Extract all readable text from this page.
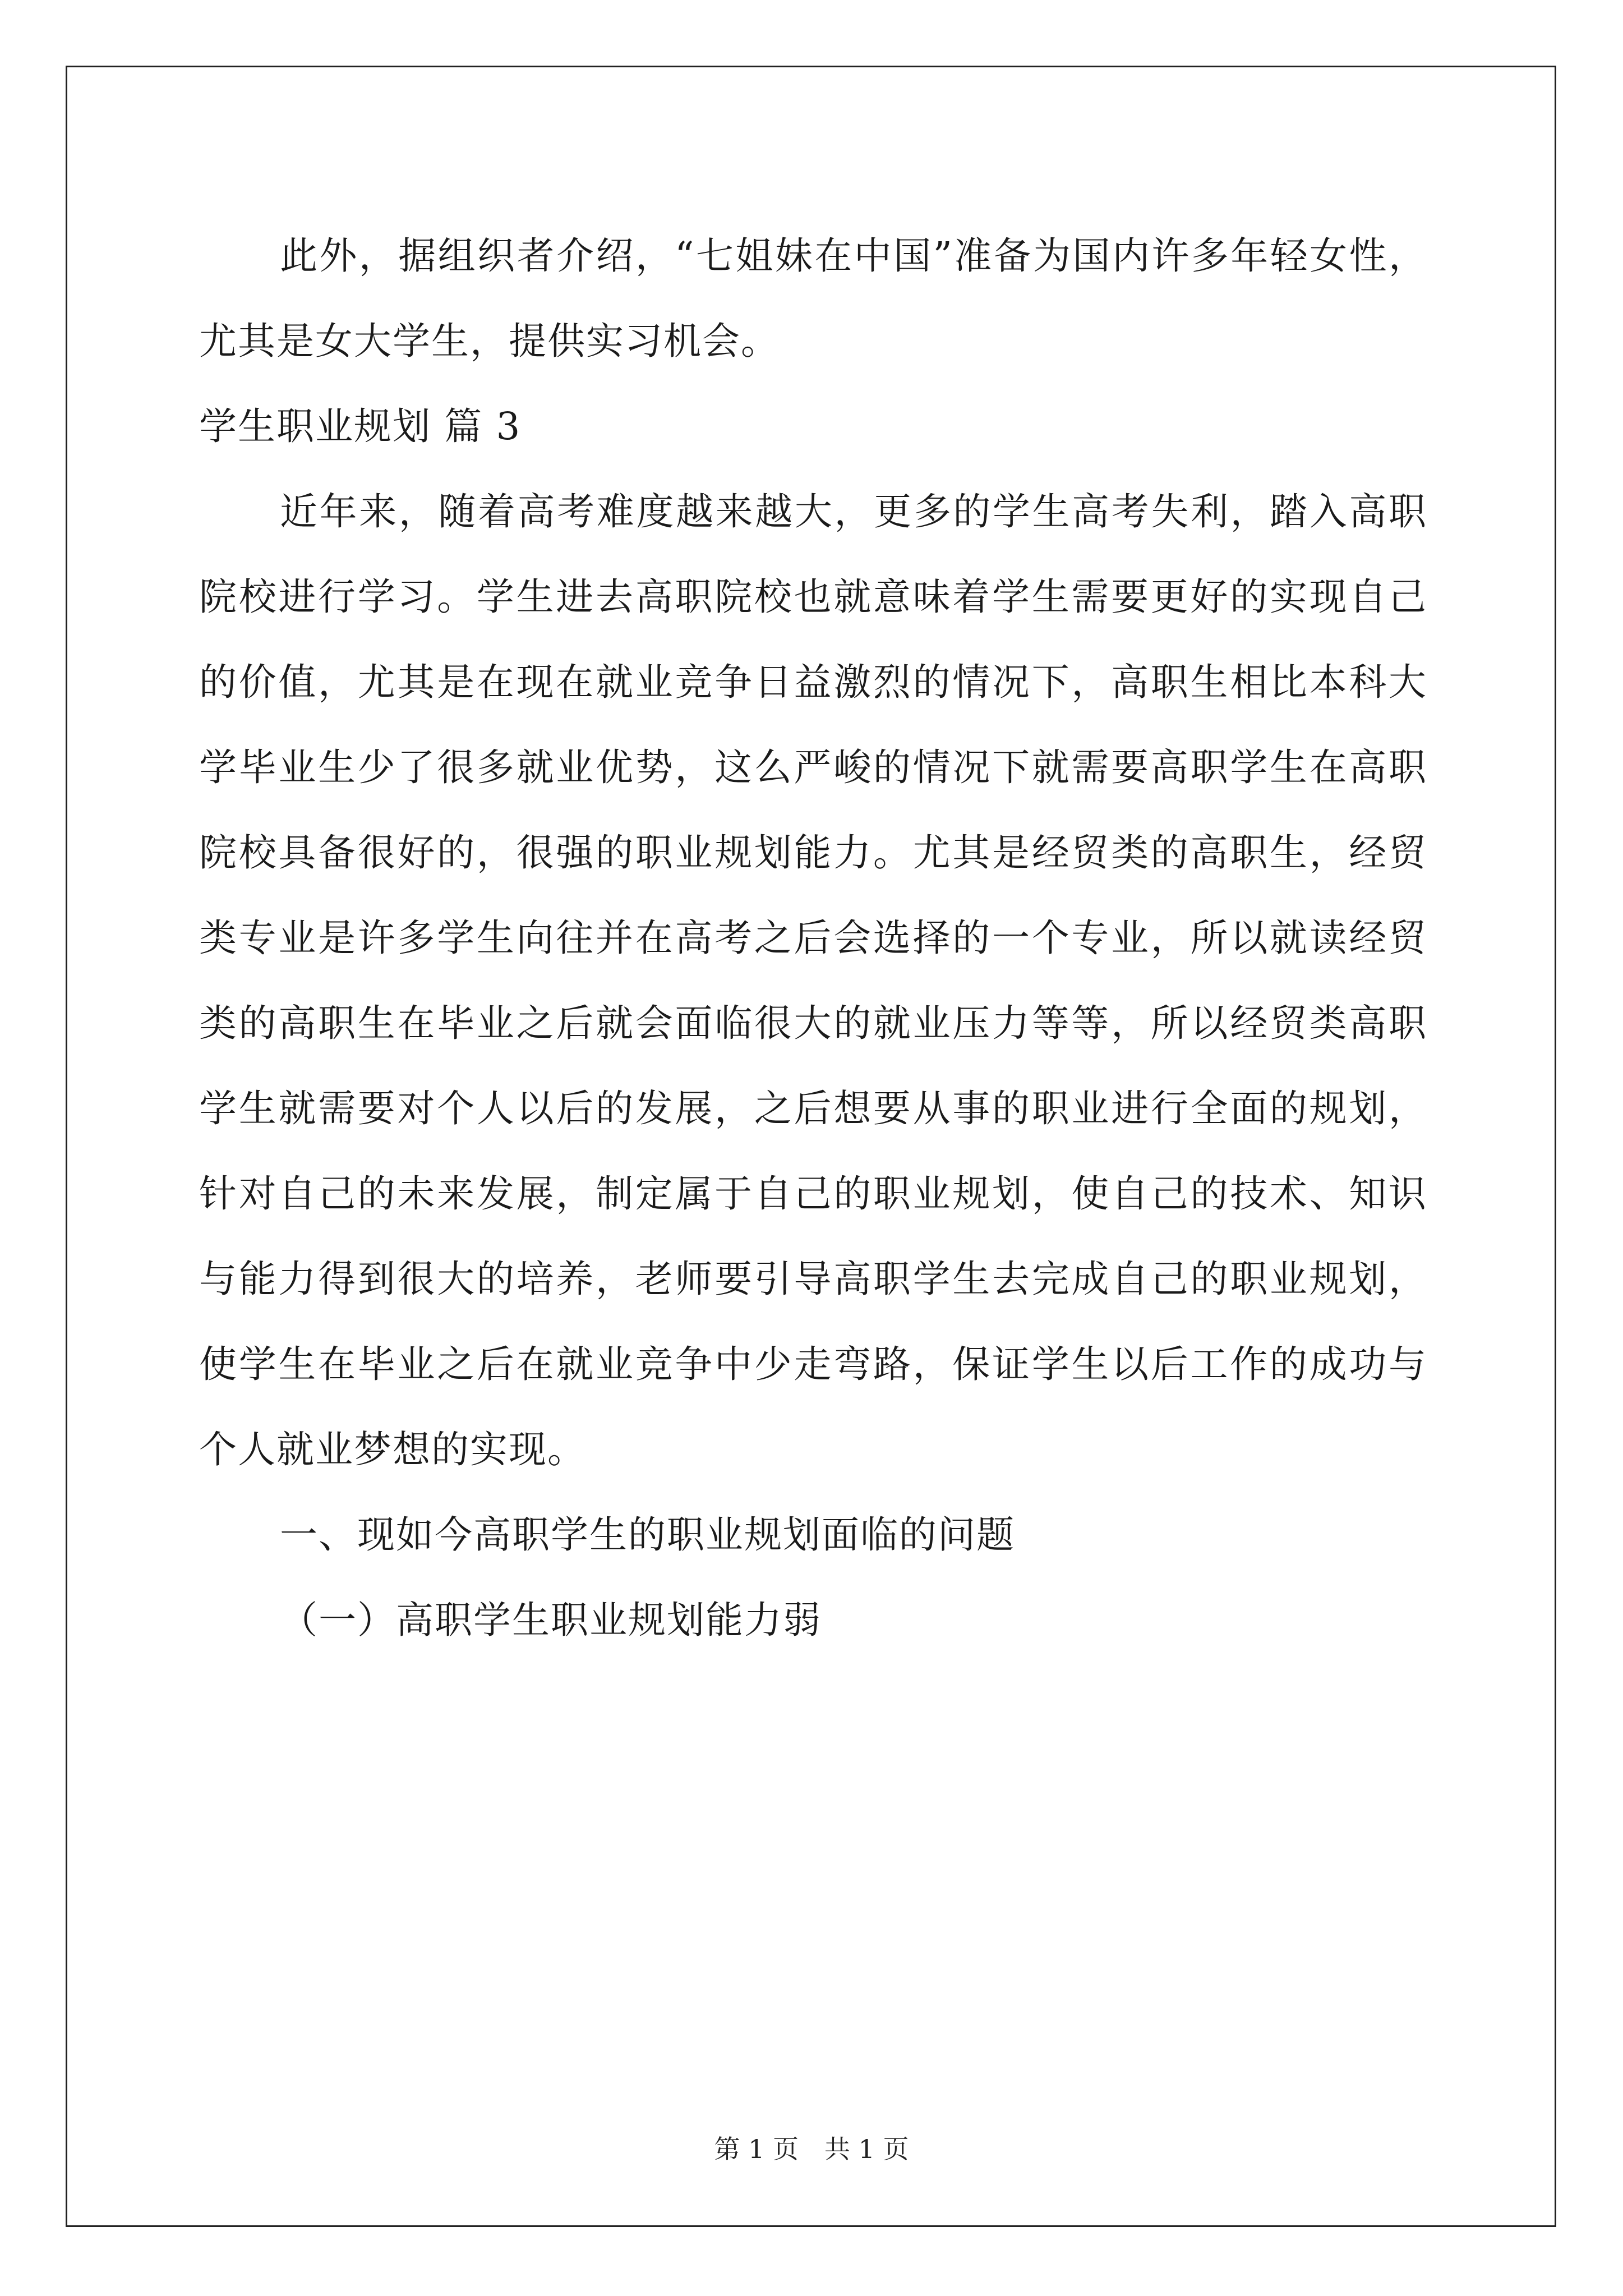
此外，据组织者介绍，“七姐妹在中国”准备为国内许多年轻女性，尤其是女大学生，提供实习机会。

学生职业规划 篇 3

近年来，随着高考难度越来越大，更多的学生高考失利，踏入高职院校进行学习。学生进去高职院校也就意味着学生需要更好的实现自己的价值，尤其是在现在就业竞争日益激烈的情况下，高职生相比本科大学毕业生少了很多就业优势，这么严峻的情况下就需要高职学生在高职院校具备很好的，很强的职业规划能力。尤其是经贸类的高职生，经贸类专业是许多学生向往并在高考之后会选择的一个专业，所以就读经贸类的高职生在毕业之后就会面临很大的就业压力等等，所以经贸类高职学生就需要对个人以后的发展，之后想要从事的职业进行全面的规划，针对自己的未来发展，制定属于自己的职业规划，使自己的技术、知识与能力得到很大的培养，老师要引导高职学生去完成自己的职业规划，使学生在毕业之后在就业竞争中少走弯路，保证学生以后工作的成功与个人就业梦想的实现。

一、现如今高职学生的职业规划面临的问题

（一）高职学生职业规划能力弱

第 1 页　共 1 页
